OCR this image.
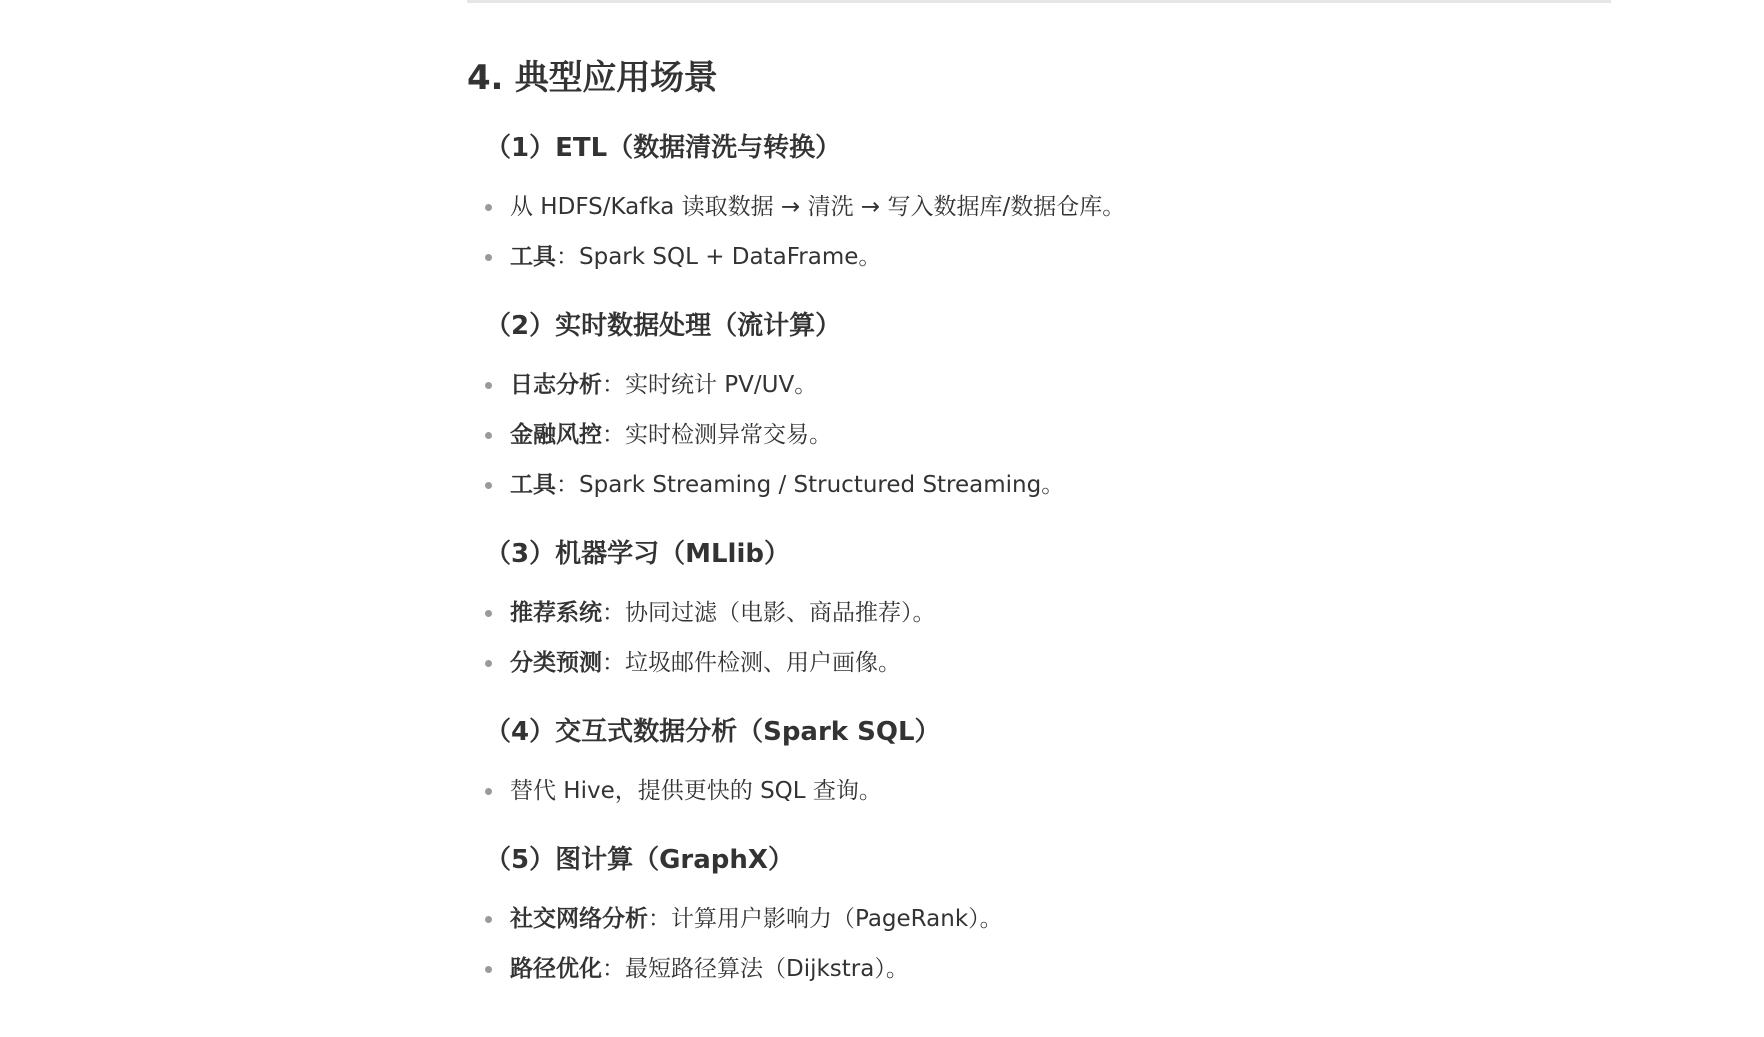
4. 典型应用场景
（1）ETL（数据清洗与转换）
从 HDFS/Kafka 读取数据 → 清洗 → 写入数据库/数据仓库。
工具：Spark SQL + DataFrame。
（2）实时数据处理（流计算）
日志分析：实时统计 PV/UV。
金融风控：实时检测异常交易。
工具：Spark Streaming / Structured Streaming。
（3）机器学习（MLlib）
推荐系统：协同过滤（电影、商品推荐）。
分类预测：垃圾邮件检测、用户画像。
（4）交互式数据分析（Spark SQL）
替代 Hive，提供更快的 SQL 查询。
（5）图计算（GraphX）
社交网络分析：计算用户影响力（PageRank）。
路径优化：最短路径算法（Dijkstra）。
